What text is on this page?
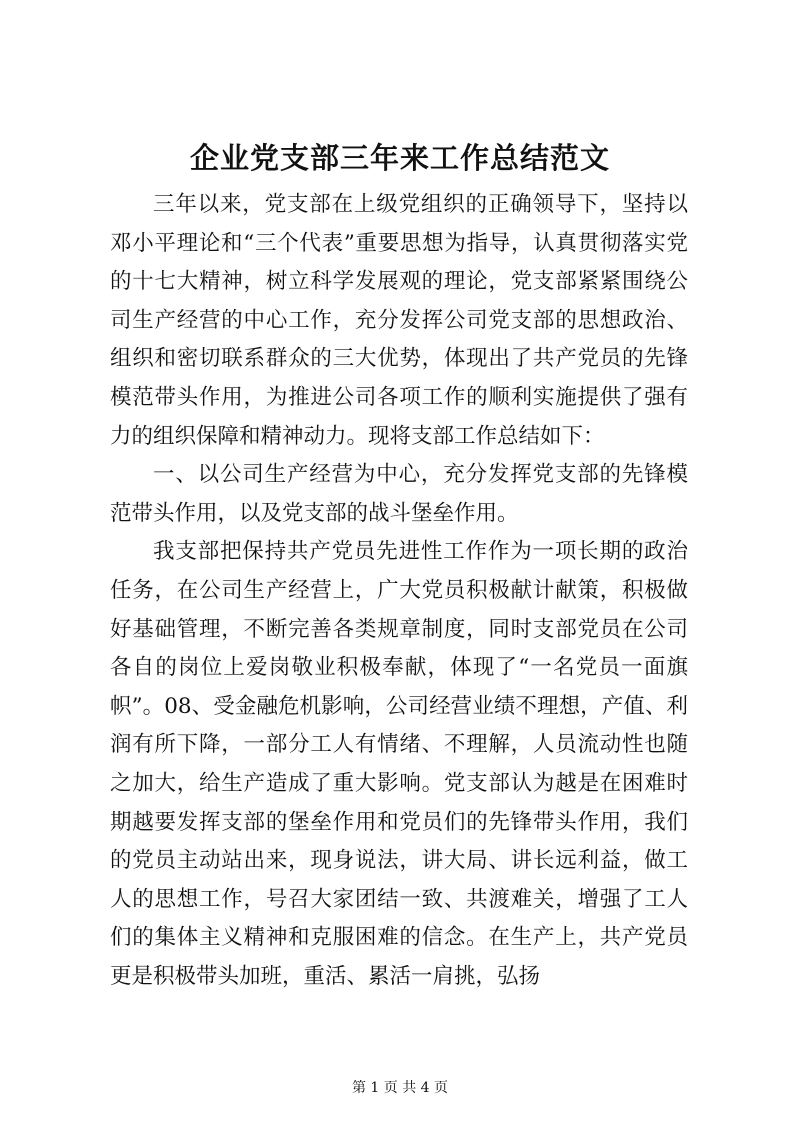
企业党支部三年来工作总结范文

三年以来，党支部在上级党组织的正确领导下，坚持以邓小平理论和“三个代表”重要思想为指导，认真贯彻落实党的十七大精神，树立科学发展观的理论，党支部紧紧围绕公司生产经营的中心工作，充分发挥公司党支部的思想政治、组织和密切联系群众的三大优势，体现出了共产党员的先锋模范带头作用，为推进公司各项工作的顺利实施提供了强有力的组织保障和精神动力。现将支部工作总结如下：

一、以公司生产经营为中心，充分发挥党支部的先锋模范带头作用，以及党支部的战斗堡垒作用。

我支部把保持共产党员先进性工作作为一项长期的政治任务，在公司生产经营上，广大党员积极献计献策，积极做好基础管理，不断完善各类规章制度，同时支部党员在公司各自的岗位上爱岗敬业积极奉献，体现了“一名党员一面旗帜”。08、受金融危机影响，公司经营业绩不理想，产值、利润有所下降，一部分工人有情绪、不理解，人员流动性也随之加大，给生产造成了重大影响。党支部认为越是在困难时期越要发挥支部的堡垒作用和党员们的先锋带头作用，我们的党员主动站出来，现身说法，讲大局、讲长远利益，做工人的思想工作，号召大家团结一致、共渡难关，增强了工人们的集体主义精神和克服困难的信念。在生产上，共产党员更是积极带头加班，重活、累活一肩挑，弘扬

第 1 页 共 4 页
